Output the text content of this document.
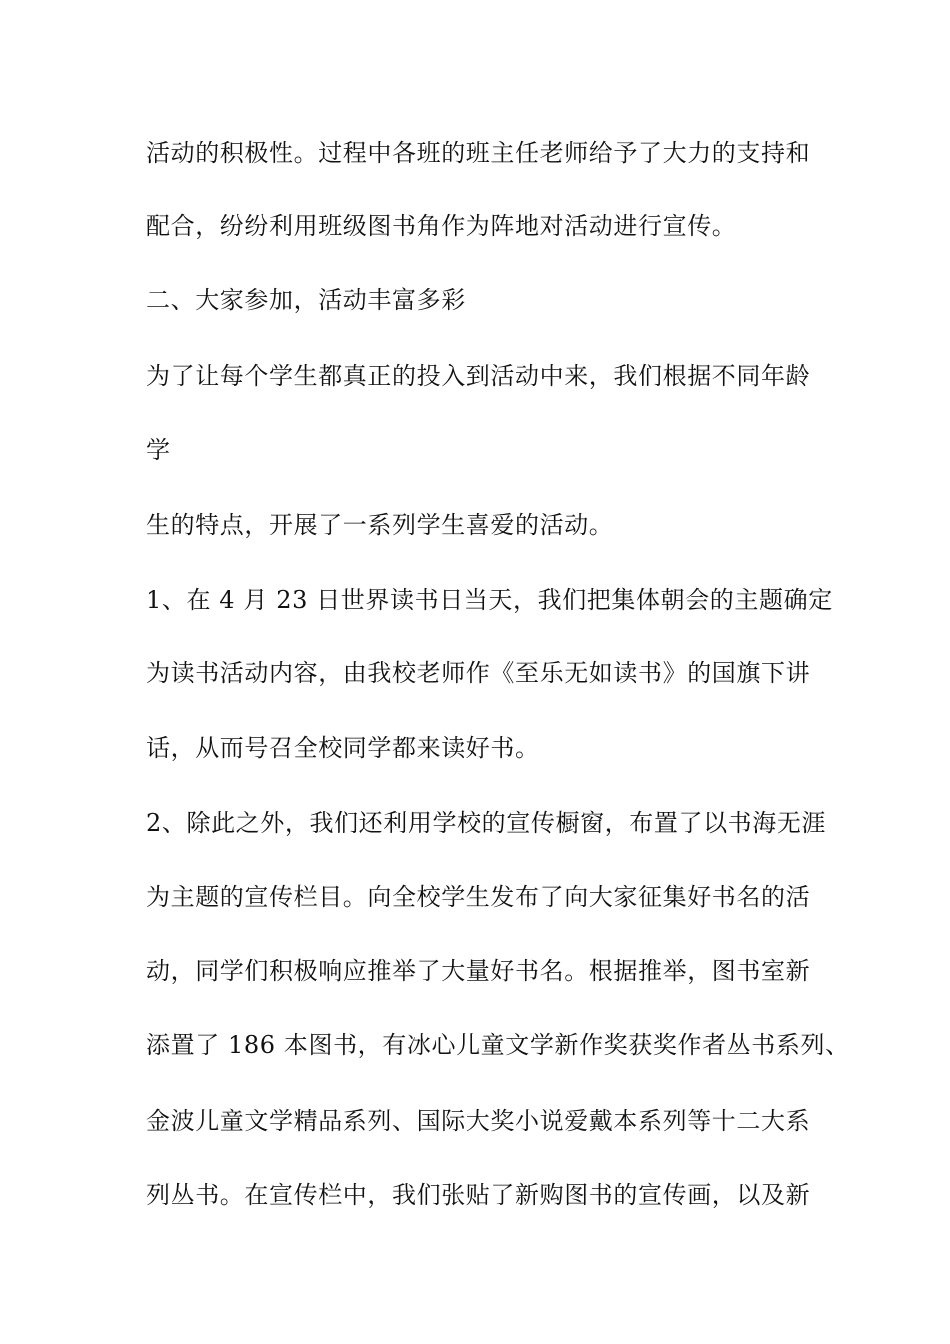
活动的积极性。过程中各班的班主任老师给予了大力的支持和

配合，纷纷利用班级图书角作为阵地对活动进行宣传。

二、大家参加，活动丰富多彩

为了让每个学生都真正的投入到活动中来，我们根据不同年龄

学

生的特点，开展了一系列学生喜爱的活动。

1、在 4 月 23 日世界读书日当天，我们把集体朝会的主题确定

为读书活动内容，由我校老师作《至乐无如读书》的国旗下讲

话，从而号召全校同学都来读好书。

2、除此之外，我们还利用学校的宣传橱窗，布置了以书海无涯

为主题的宣传栏目。向全校学生发布了向大家征集好书名的活

动，同学们积极响应推举了大量好书名。根据推举，图书室新

添置了 186 本图书，有冰心儿童文学新作奖获奖作者丛书系列、

金波儿童文学精品系列、国际大奖小说爱戴本系列等十二大系

列丛书。在宣传栏中，我们张贴了新购图书的宣传画，以及新
